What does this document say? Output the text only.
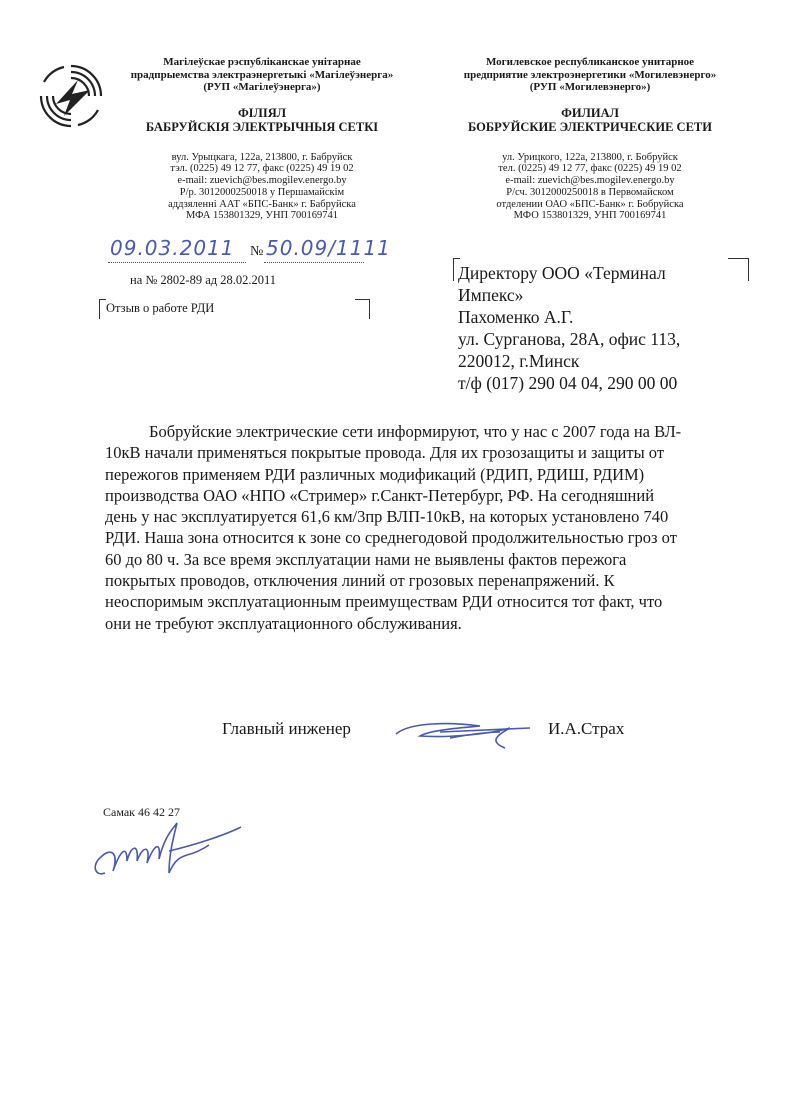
Магілеўскае рэспубліканскае унітарнае
прадпрыемства электраэнергетыкі «Магілеўэнерга»
(РУП «Магілеўэнерга»)
ФІЛІЯЛ
БАБРУЙСКІЯ ЭЛЕКТРЫЧНЫЯ СЕТКІ
вул. Урыцкага, 122а, 213800, г. Бабруйск
тэл. (0225) 49 12 77, факс (0225) 49 19 02
e-mail: zuevich@bes.mogilev.energo.by
Р/р. 3012000250018 у Першамайскім
аддзяленні ААТ «БПС-Банк» г. Бабруйска
МФА 153801329, УНП 700169741
Могилевское республиканское унитарное
предприятие электроэнергетики «Могилевэнерго»
(РУП «Могилевэнерго»)
ФИЛИАЛ
БОБРУЙСКИЕ ЭЛЕКТРИЧЕСКИЕ СЕТИ
ул. Урицкого, 122а, 213800, г. Бобруйск
тел. (0225) 49 12 77, факс (0225) 49 19 02
e-mail: zuevich@bes.mogilev.energo.by
Р/сч. 3012000250018 в Первомайском
отделении ОАО «БПС-Банк» г. Бобруйска
МФО 153801329, УНП 700169741
09.03.2011 № 50.09/1111
на № 2802-89 ад 28.02.2011
Отзыв о работе РДИ
Директору ООО «Терминал
Импекс»
Пахоменко А.Г.
ул. Сурганова, 28А, офис 113,
220012, г.Минск
т/ф (017) 290 04 04, 290 00 00
Бобруйские электрические сети информируют, что у нас с 2007 года на ВЛ-
10кВ начали применяться покрытые провода. Для их грозозащиты и защиты от
пережогов применяем РДИ различных модификаций (РДИП, РДИШ, РДИМ)
производства ОАО «НПО «Стример» г.Санкт-Петербург, РФ. На сегодняшний
день у нас эксплуатируется 61,6 км/3пр ВЛП-10кВ, на которых установлено 740
РДИ. Наша зона относится к зоне со среднегодовой продолжительностью гроз от
60 до 80 ч. За все время эксплуатации нами не выявлены фактов пережога
покрытых проводов, отключения линий от грозовых перенапряжений. К
неоспоримым эксплуатационным преимуществам РДИ относится тот факт, что
они не требуют эксплуатационного обслуживания.
Главный инженер	И.А.Страх
Самак 46 42 27
